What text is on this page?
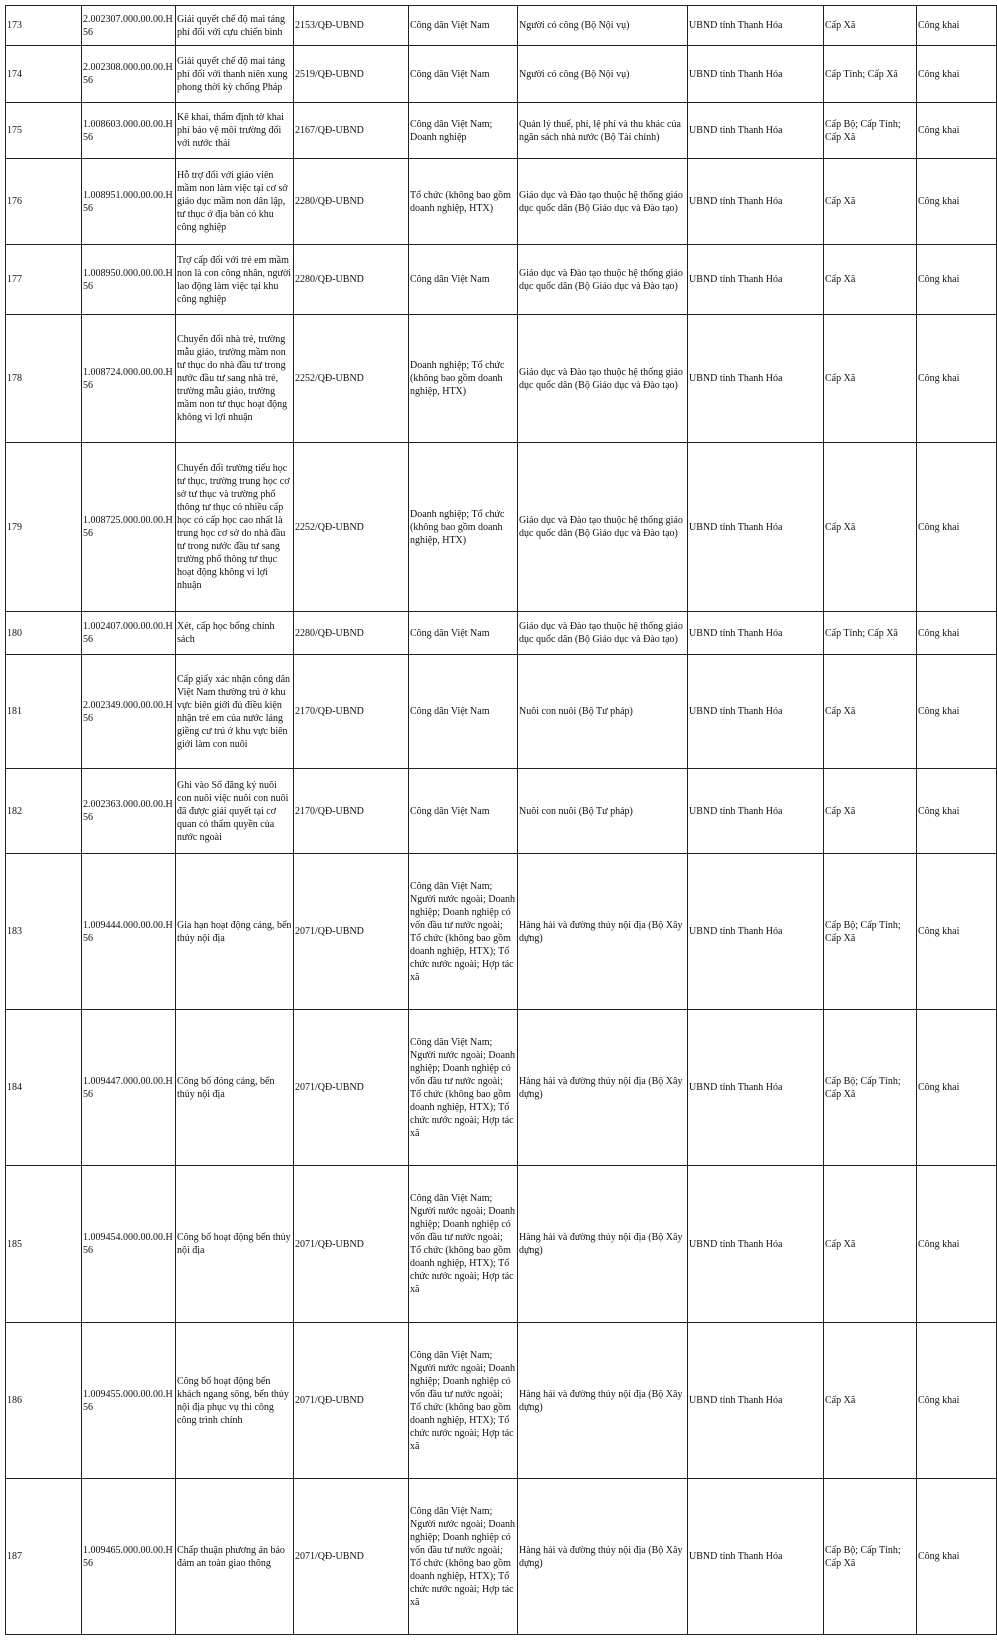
173	2.002307.000.00.00.H56	Giải quyết chế độ mai táng phí đối với cựu chiến binh	2153/QĐ-UBND	Công dân Việt Nam	Người có công (Bộ Nội vụ)	UBND tỉnh Thanh Hóa	Cấp Xã	Công khai
174	2.002308.000.00.00.H56	Giải quyết chế độ mai táng phí đối với thanh niên xung phong thời kỳ chống Pháp	2519/QĐ-UBND	Công dân Việt Nam	Người có công (Bộ Nội vụ)	UBND tỉnh Thanh Hóa	Cấp Tỉnh; Cấp Xã	Công khai
175	1.008603.000.00.00.H56	Kê khai, thẩm định tờ khai phí bảo vệ môi trường đối với nước thải	2167/QĐ-UBND	Công dân Việt Nam; Doanh nghiệp	Quản lý thuế, phí, lệ phí và thu khác của ngân sách nhà nước (Bộ Tài chính)	UBND tỉnh Thanh Hóa	Cấp Bộ; Cấp Tỉnh; Cấp Xã	Công khai
176	1.008951.000.00.00.H56	Hỗ trợ đối với giáo viên mầm non làm việc tại cơ sở giáo dục mầm non dân lập, tư thục ở địa bàn có khu công nghiệp	2280/QĐ-UBND	Tổ chức (không bao gồm doanh nghiệp, HTX)	Giáo dục và Đào tạo thuộc hệ thống giáo dục quốc dân (Bộ Giáo dục và Đào tạo)	UBND tỉnh Thanh Hóa	Cấp Xã	Công khai
177	1.008950.000.00.00.H56	Trợ cấp đối với trẻ em mầm non là con công nhân, người lao động làm việc tại khu công nghiệp	2280/QĐ-UBND	Công dân Việt Nam	Giáo dục và Đào tạo thuộc hệ thống giáo dục quốc dân (Bộ Giáo dục và Đào tạo)	UBND tỉnh Thanh Hóa	Cấp Xã	Công khai
178	1.008724.000.00.00.H56	Chuyển đổi nhà trẻ, trường mẫu giáo, trường mầm non tư thục do nhà đầu tư trong nước đầu tư sang nhà trẻ, trường mẫu giáo, trường mầm non tư thục hoạt động không vì lợi nhuận	2252/QĐ-UBND	Doanh nghiệp; Tổ chức (không bao gồm doanh nghiệp, HTX)	Giáo dục và Đào tạo thuộc hệ thống giáo dục quốc dân (Bộ Giáo dục và Đào tạo)	UBND tỉnh Thanh Hóa	Cấp Xã	Công khai
179	1.008725.000.00.00.H56	Chuyển đổi trường tiểu học tư thục, trường trung học cơ sở tư thục và trường phổ thông tư thục có nhiều cấp học có cấp học cao nhất là trung học cơ sở do nhà đầu tư trong nước đầu tư sang trường phổ thông tư thục hoạt động không vì lợi nhuận	2252/QĐ-UBND	Doanh nghiệp; Tổ chức (không bao gồm doanh nghiệp, HTX)	Giáo dục và Đào tạo thuộc hệ thống giáo dục quốc dân (Bộ Giáo dục và Đào tạo)	UBND tỉnh Thanh Hóa	Cấp Xã	Công khai
180	1.002407.000.00.00.H56	Xét, cấp học bổng chính sách	2280/QĐ-UBND	Công dân Việt Nam	Giáo dục và Đào tạo thuộc hệ thống giáo dục quốc dân (Bộ Giáo dục và Đào tạo)	UBND tỉnh Thanh Hóa	Cấp Tỉnh; Cấp Xã	Công khai
181	2.002349.000.00.00.H56	Cấp giấy xác nhận công dân Việt Nam thường trú ở khu vực biên giới đủ điều kiện nhận trẻ em của nước láng giềng cư trú ở khu vực biên giới làm con nuôi	2170/QĐ-UBND	Công dân Việt Nam	Nuôi con nuôi (Bộ Tư pháp)	UBND tỉnh Thanh Hóa	Cấp Xã	Công khai
182	2.002363.000.00.00.H56	Ghi vào Sổ đăng ký nuôi con nuôi việc nuôi con nuôi đã được giải quyết tại cơ quan có thẩm quyền của nước ngoài	2170/QĐ-UBND	Công dân Việt Nam	Nuôi con nuôi (Bộ Tư pháp)	UBND tỉnh Thanh Hóa	Cấp Xã	Công khai
183	1.009444.000.00.00.H56	Gia hạn hoạt động cảng, bến thủy nội địa	2071/QĐ-UBND	Công dân Việt Nam; Người nước ngoài; Doanh nghiệp; Doanh nghiệp có vốn đầu tư nước ngoài; Tổ chức (không bao gồm doanh nghiệp, HTX); Tổ chức nước ngoài; Hợp tác xã	Hàng hải và đường thủy nội địa (Bộ Xây dựng)	UBND tỉnh Thanh Hóa	Cấp Bộ; Cấp Tỉnh; Cấp Xã	Công khai
184	1.009447.000.00.00.H56	Công bố đóng cảng, bến thủy nội địa	2071/QĐ-UBND	Công dân Việt Nam; Người nước ngoài; Doanh nghiệp; Doanh nghiệp có vốn đầu tư nước ngoài; Tổ chức (không bao gồm doanh nghiệp, HTX); Tổ chức nước ngoài; Hợp tác xã	Hàng hải và đường thủy nội địa (Bộ Xây dựng)	UBND tỉnh Thanh Hóa	Cấp Bộ; Cấp Tỉnh; Cấp Xã	Công khai
185	1.009454.000.00.00.H56	Công bố hoạt động bến thủy nội địa	2071/QĐ-UBND	Công dân Việt Nam; Người nước ngoài; Doanh nghiệp; Doanh nghiệp có vốn đầu tư nước ngoài; Tổ chức (không bao gồm doanh nghiệp, HTX); Tổ chức nước ngoài; Hợp tác xã	Hàng hải và đường thủy nội địa (Bộ Xây dựng)	UBND tỉnh Thanh Hóa	Cấp Xã	Công khai
186	1.009455.000.00.00.H56	Công bố hoạt động bến khách ngang sông, bến thủy nội địa phục vụ thi công công trình chính	2071/QĐ-UBND	Công dân Việt Nam; Người nước ngoài; Doanh nghiệp; Doanh nghiệp có vốn đầu tư nước ngoài; Tổ chức (không bao gồm doanh nghiệp, HTX); Tổ chức nước ngoài; Hợp tác xã	Hàng hải và đường thủy nội địa (Bộ Xây dựng)	UBND tỉnh Thanh Hóa	Cấp Xã	Công khai
187	1.009465.000.00.00.H56	Chấp thuận phương án bảo đảm an toàn giao thông	2071/QĐ-UBND	Công dân Việt Nam; Người nước ngoài; Doanh nghiệp; Doanh nghiệp có vốn đầu tư nước ngoài; Tổ chức (không bao gồm doanh nghiệp, HTX); Tổ chức nước ngoài; Hợp tác xã	Hàng hải và đường thủy nội địa (Bộ Xây dựng)	UBND tỉnh Thanh Hóa	Cấp Bộ; Cấp Tỉnh; Cấp Xã	Công khai
